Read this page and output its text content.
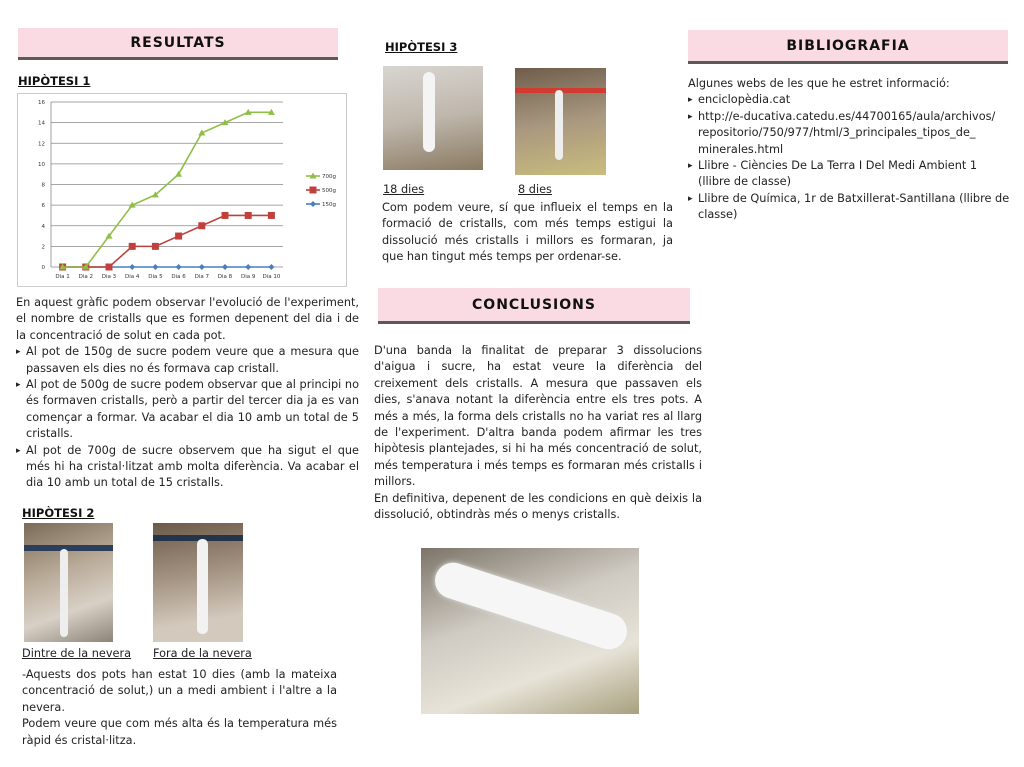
RESULTATS
HIPÒTESI 1
0
2
4
6
8
10
12
14
16
Dia 1 Dia 2 Dia 3 Dia 4 Dia 5 Dia 6 Dia 7 Dia 8 Dia 9 Dia 10
700g
500g
150g

En aquest gràfic podem observar l'evolució de l'experiment, el nombre de cristalls que es formen depenent del dia i de la concentració de solut en cada pot.

▸ Al pot de 150g de sucre podem veure que a mesura que passaven els dies no és formava cap cristall.
▸ Al pot de 500g de sucre podem observar que al principi no és formaven cristalls, però a partir del tercer dia ja es van començar a formar. Va acabar el dia 10 amb un total de 5 cristalls.
▸ Al pot de 700g de sucre observem que ha sigut el que més hi ha cristal·litzat amb molta diferència. Va acabar el dia 10 amb un total de 15 cristalls.
HIPÒTESI 2
Dintre de la nevera Fora de la nevera

-Aquests dos pots han estat 10 dies (amb la mateixa concentració de solut,) un a medi ambient i l'altre a la nevera.

Podem veure que com més alta és la temperatura més ràpid és cristal·litza.

HIPÒTESI 3
18 dies	8 dies
Com podem veure, sí que influeix el temps en la formació de cristalls, com més temps estigui la dissolució més cristalls i millors es formaran, ja que han tingut més temps per ordenar-se.
CONCLUSIONS

D'una banda la finalitat de preparar 3 dissolucions d'aigua i sucre, ha estat veure la diferència del creixement dels cristalls. A mesura que passaven els dies, s'anava notant la diferència entre els tres pots. A més a més, la forma dels cristalls no ha variat res al llarg de l'experiment. D'altra banda podem afirmar les tres hipòtesis plantejades, si hi ha més concentració de solut, més temperatura i més temps es formaran més cristalls i millors.

En definitiva, depenent de les condicions en què deixis la dissolució, obtindràs més o menys cristalls.

BIBLIOGRAFIA

Algunes webs de les que he estret informació:

▸ enciclopèdia.cat
▸ http://e-ducativa.catedu.es/44700165/aula/archivos/ repositorio/750/977/html/3_principales_tipos_de_ minerales.html
▸ Llibre - Ciències De La Terra I Del Medi Ambient 1 (llibre de classe)
▸ Llibre de Química, 1r de Batxillerat-Santillana (llibre de classe)
